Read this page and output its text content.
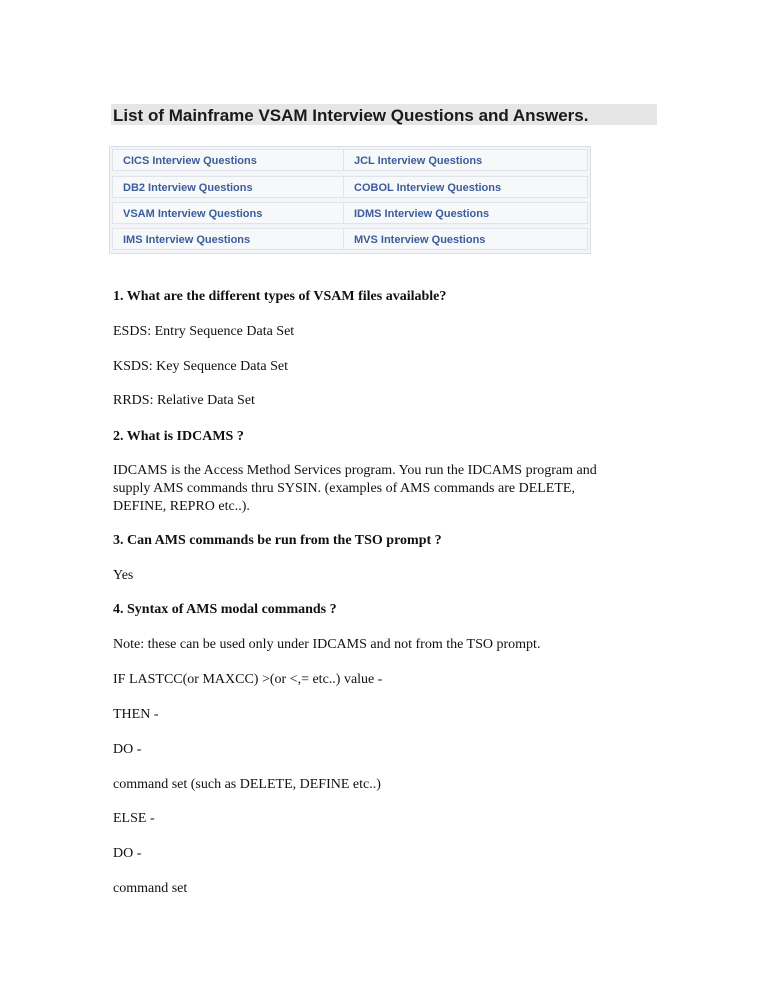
List of Mainframe VSAM Interview Questions and Answers.
CICS Interview Questions	JCL Interview Questions
DB2 Interview Questions	COBOL Interview Questions
VSAM Interview Questions	IDMS Interview Questions
IMS Interview Questions	MVS Interview Questions
1. What are the different types of VSAM files available?
ESDS: Entry Sequence Data Set
KSDS: Key Sequence Data Set
RRDS: Relative Data Set
2. What is IDCAMS ?
IDCAMS is the Access Method Services program. You run the IDCAMS program and
supply AMS commands thru SYSIN. (examples of AMS commands are DELETE,
DEFINE, REPRO etc..).
3. Can AMS commands be run from the TSO prompt ?
Yes
4. Syntax of AMS modal commands ?
Note: these can be used only under IDCAMS and not from the TSO prompt.
IF LASTCC(or MAXCC) >(or <,= etc..) value -
THEN -
DO -
command set (such as DELETE, DEFINE etc..)
ELSE -
DO -
command set
